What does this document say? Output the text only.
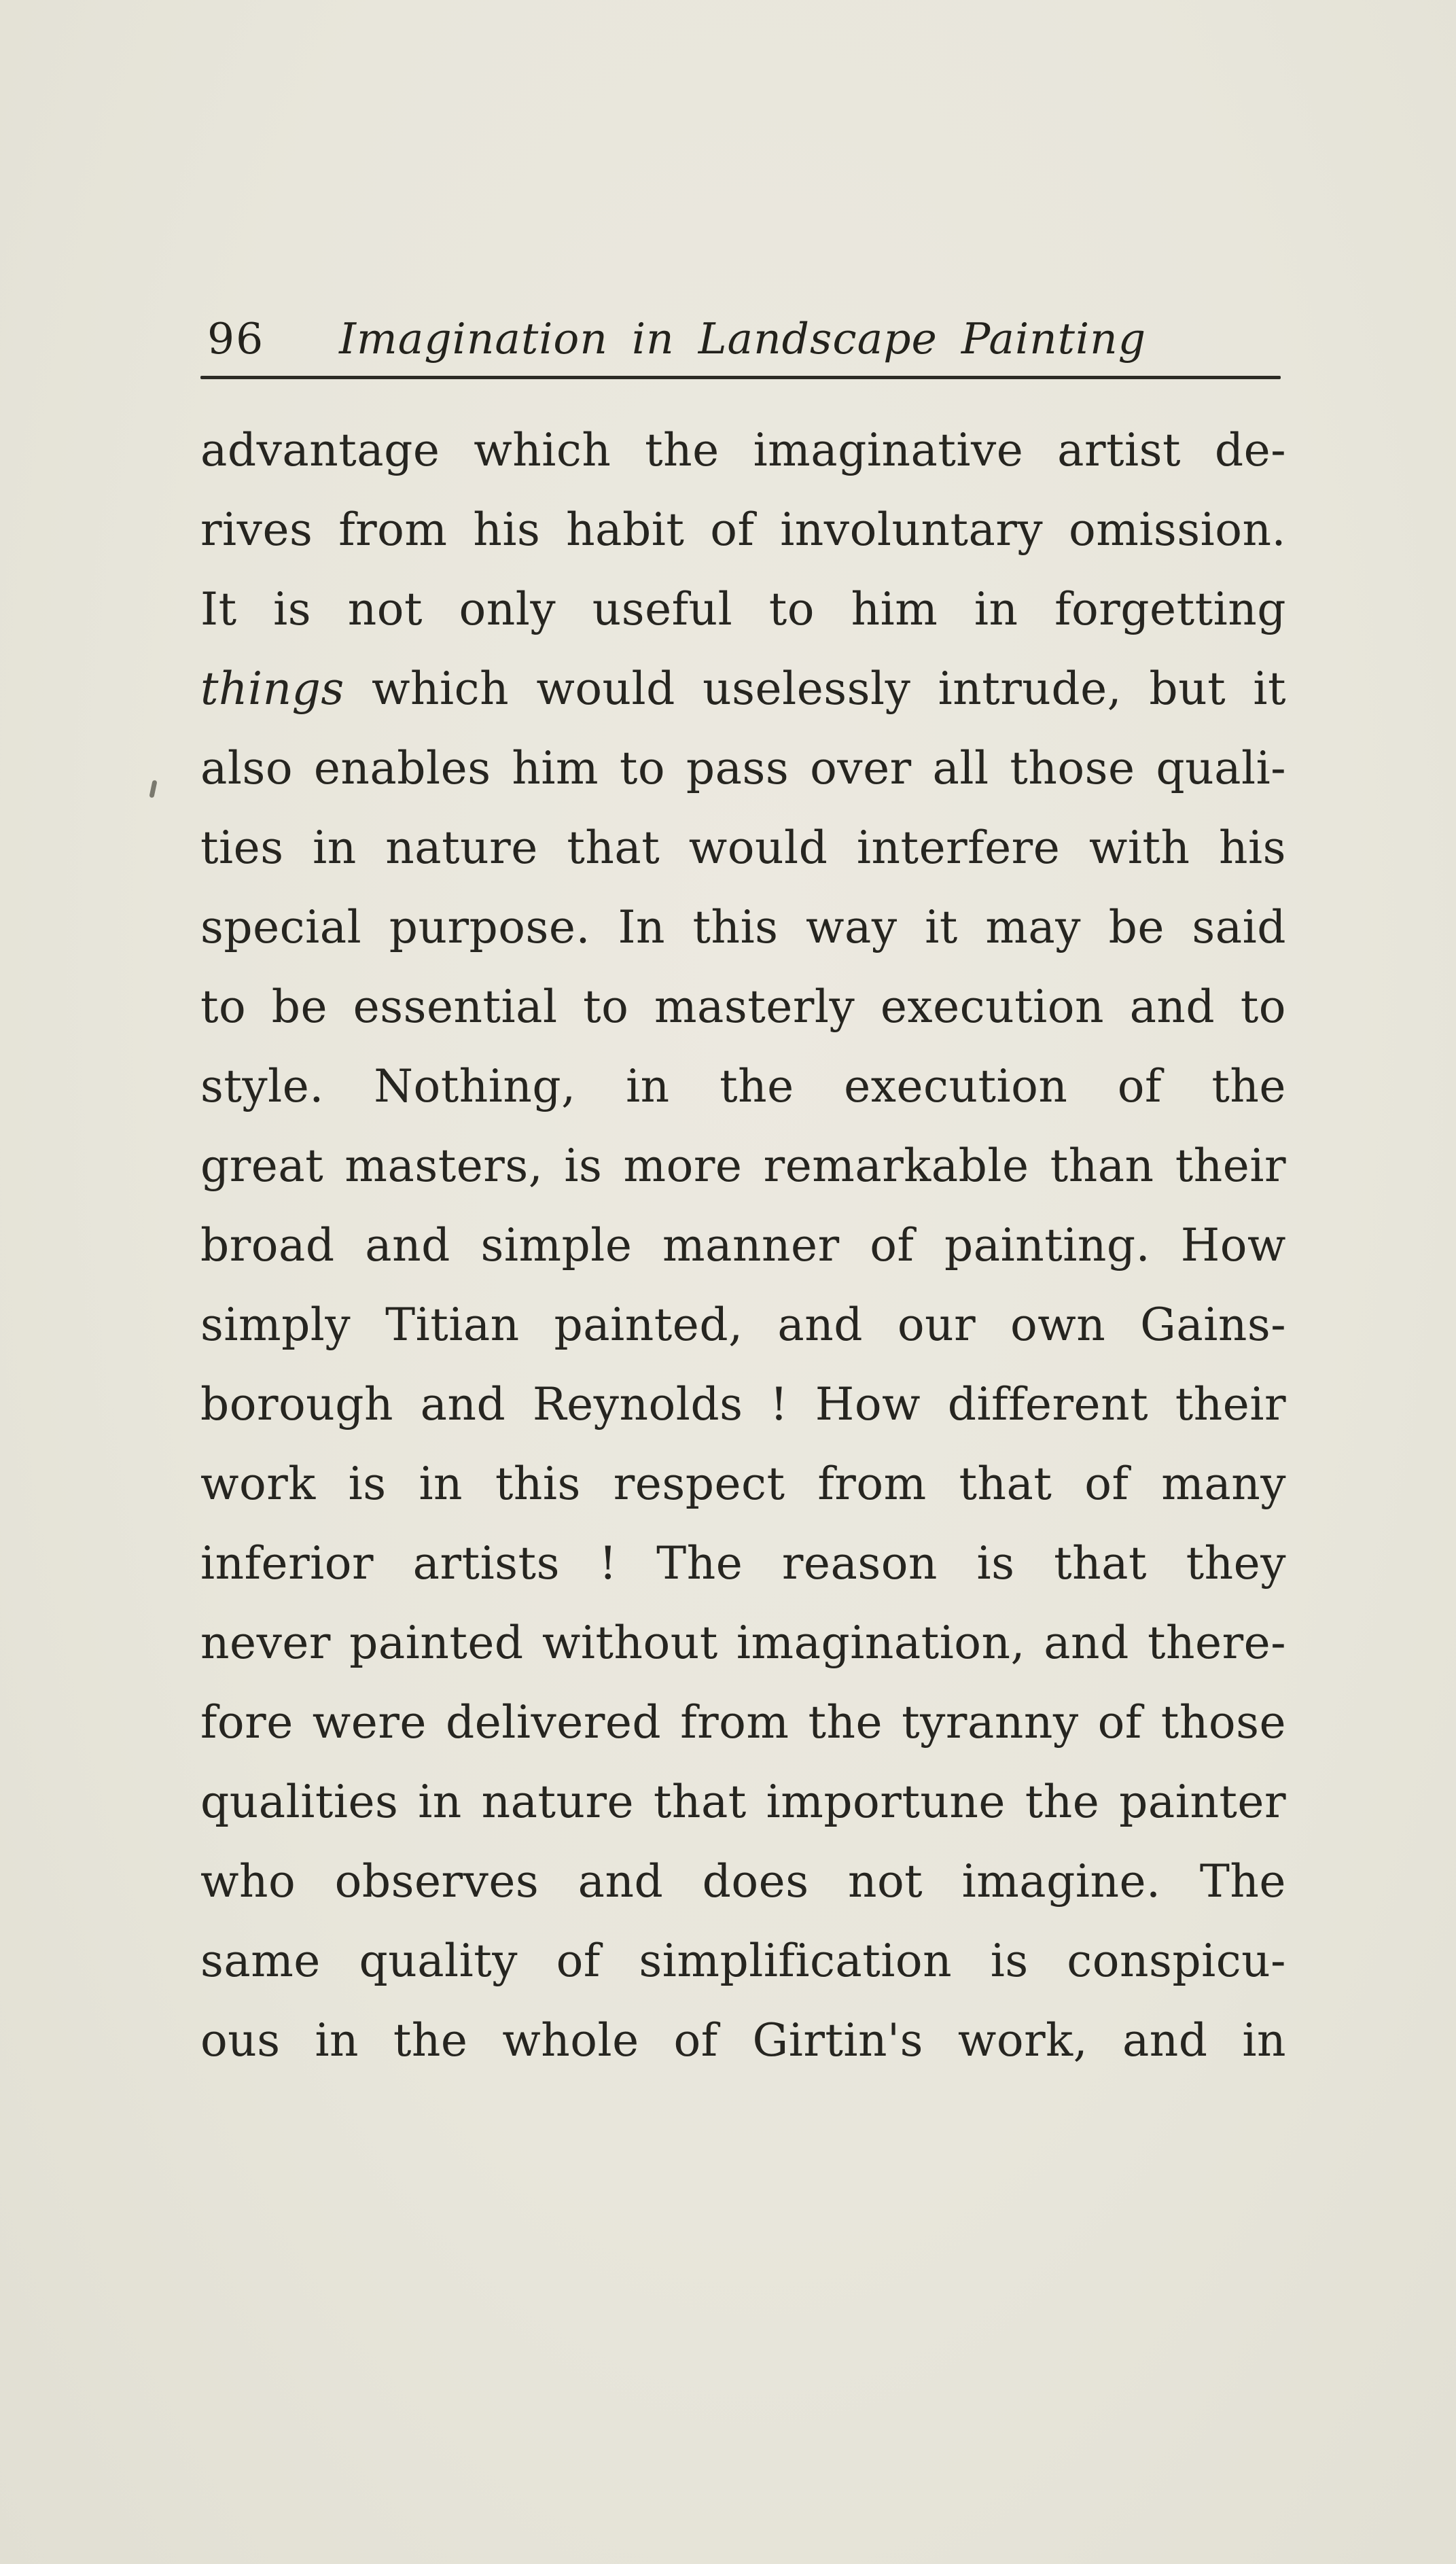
96 Imagination in Landscape Painting
advantage which the imaginative artist de-
rives from his habit of involuntary omission.
It is not only useful to him in forgetting
things which would uselessly intrude, but it
also enables him to pass over all those quali-
ties in nature that would interfere with his
special purpose. In this way it may be said
to be essential to masterly execution and to
style. Nothing, in the execution of the
great masters, is more remarkable than their
broad and simple manner of painting. How
simply Titian painted, and our own Gains-
borough and Reynolds ! How different their
work is in this respect from that of many
inferior artists ! The reason is that they
never painted without imagination, and there-
fore were delivered from the tyranny of those
qualities in nature that importune the painter
who observes and does not imagine. The
same quality of simplification is conspicu-
ous in the whole of Girtin's work, and in
